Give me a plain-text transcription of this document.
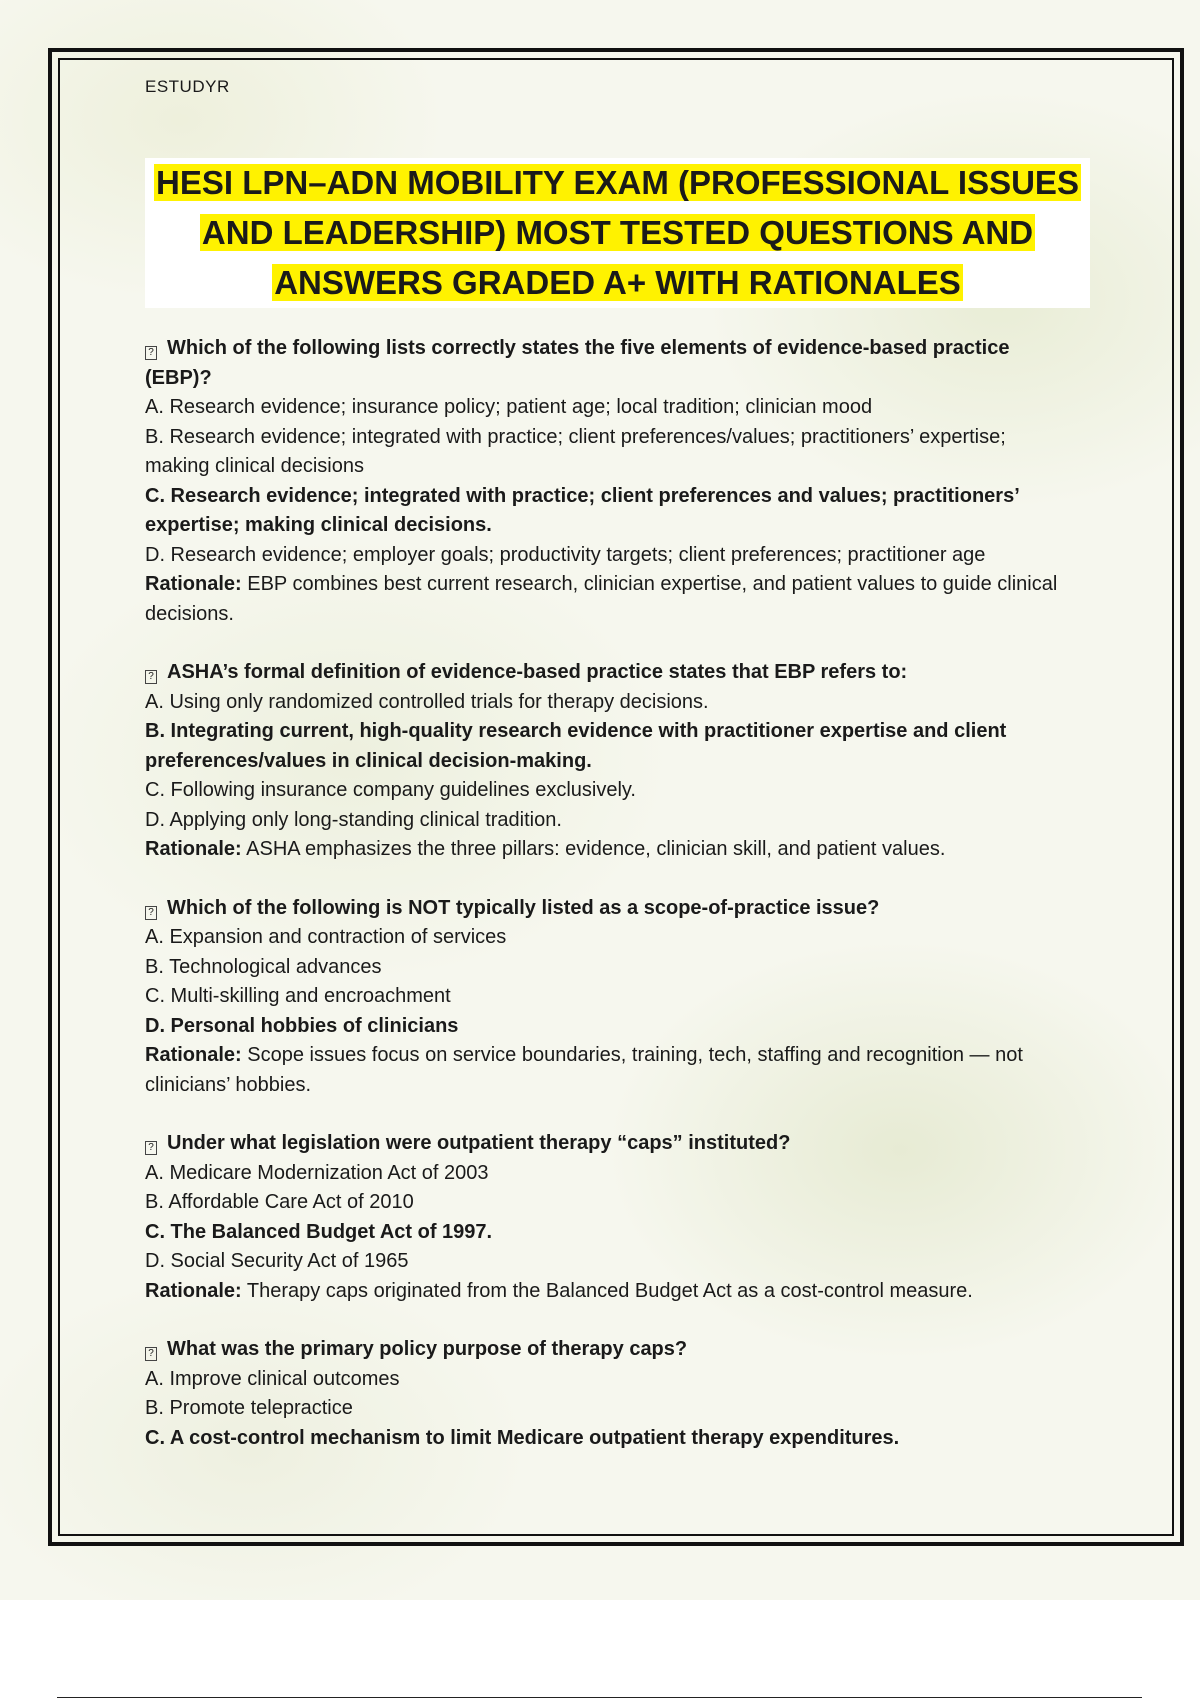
ESTUDYR
HESI LPN–ADN MOBILITY EXAM (PROFESSIONAL ISSUES
AND LEADERSHIP) MOST TESTED QUESTIONS AND
ANSWERS GRADED A+ WITH RATIONALES
? Which of the following lists correctly states the five elements of evidence-based practice (EBP)?
A. Research evidence; insurance policy; patient age; local tradition; clinician mood
B. Research evidence; integrated with practice; client preferences/values; practitioners’ expertise; making clinical decisions
C. Research evidence; integrated with practice; client preferences and values; practitioners’ expertise; making clinical decisions.
D. Research evidence; employer goals; productivity targets; client preferences; practitioner age
Rationale: EBP combines best current research, clinician expertise, and patient values to guide clinical decisions.
? ASHA’s formal definition of evidence-based practice states that EBP refers to:
A. Using only randomized controlled trials for therapy decisions.
B. Integrating current, high-quality research evidence with practitioner expertise and client preferences/values in clinical decision-making.
C. Following insurance company guidelines exclusively.
D. Applying only long-standing clinical tradition.
Rationale: ASHA emphasizes the three pillars: evidence, clinician skill, and patient values.
? Which of the following is NOT typically listed as a scope-of-practice issue?
A. Expansion and contraction of services
B. Technological advances
C. Multi-skilling and encroachment
D. Personal hobbies of clinicians
Rationale: Scope issues focus on service boundaries, training, tech, staffing and recognition — not clinicians’ hobbies.
? Under what legislation were outpatient therapy “caps” instituted?
A. Medicare Modernization Act of 2003
B. Affordable Care Act of 2010
C. The Balanced Budget Act of 1997.
D. Social Security Act of 1965
Rationale: Therapy caps originated from the Balanced Budget Act as a cost-control measure.
? What was the primary policy purpose of therapy caps?
A. Improve clinical outcomes
B. Promote telepractice
C. A cost-control mechanism to limit Medicare outpatient therapy expenditures.
